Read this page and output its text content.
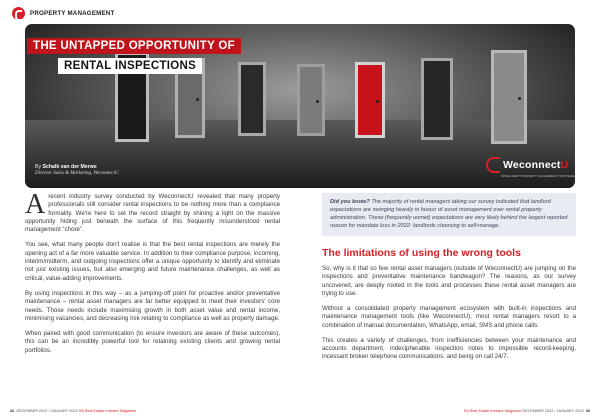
PROPERTY MANAGEMENT
THE UNTAPPED OPPORTUNITY OF
RENTAL INSPECTIONS
By Schalk van der Merwe
Director Sales & Marketing, WeconnectU
WeconnectU
INTELLIGENT PROPERTY MANAGEMENT SOFTWARE

Arecent industry survey conducted by WeconnectU revealed that many property professionals still consider rental inspections to be nothing more than a compliance formality. We're here to set the record straight by shining a light on the massive opportunity hiding just beneath the surface of this frequently misunderstood rental management “chore”.

You see, what many people don't realise is that the best rental inspections are merely the opening act of a far more valuable service. In addition to their compliance purpose, incoming, interim/midterm, and outgoing inspections offer a unique opportunity to identify and eliminate not just existing issues, but also emerging and future maintenance challenges, as well as critical, value-adding improvements.

By using inspections in this way – as a jumping-off point for proactive and/or preventative maintenance – rental asset managers are far better equipped to meet their investors' core needs. Those needs include maximising growth in both asset value and rental income, minimising vacancies, and decreasing risk relating to compliance as well as property damage.

When paired with good communication (to ensure investors are aware of these outcomes), this can be an incredibly powerful tool for retaining existing clients and growing rental portfolios.

Did you know? The majority of rental managers taking our survey indicated that landlord expectations are swinging heavily in favour of asset management over rental property administration. These (frequently unmet) expectations are very likely behind the largest reported reason for mandate loss in 2022: landlords choosing to self-manage.
The limitations of using the wrong tools

So, why is it that so few rental asset managers (outside of WeconnectU) are jumping on the inspections and preventative maintenance bandwagon? The reasons, as our survey uncovered, are deeply rooted in the tools and processes these rental asset managers are trying to use.

Without a consolidated property management ecosystem with built-in inspections and maintenance management tools (like WeconnectU), most rental managers resort to a combination of manual documentation, WhatsApp, email, SMS and phone calls.

This creates a variety of challenges, from inefficiencies between your maintenance and accounts department, indecipherable inspection notes to impossible record-keeping, incessant broken telephone communications, and being on call 24/7.

32 DECEMBER 2022 / JANUARY 2023 SA Real Estate Investor Magazine	SA Real Estate Investor Magazine DECEMBER 2022 / JANUARY 2023 33
